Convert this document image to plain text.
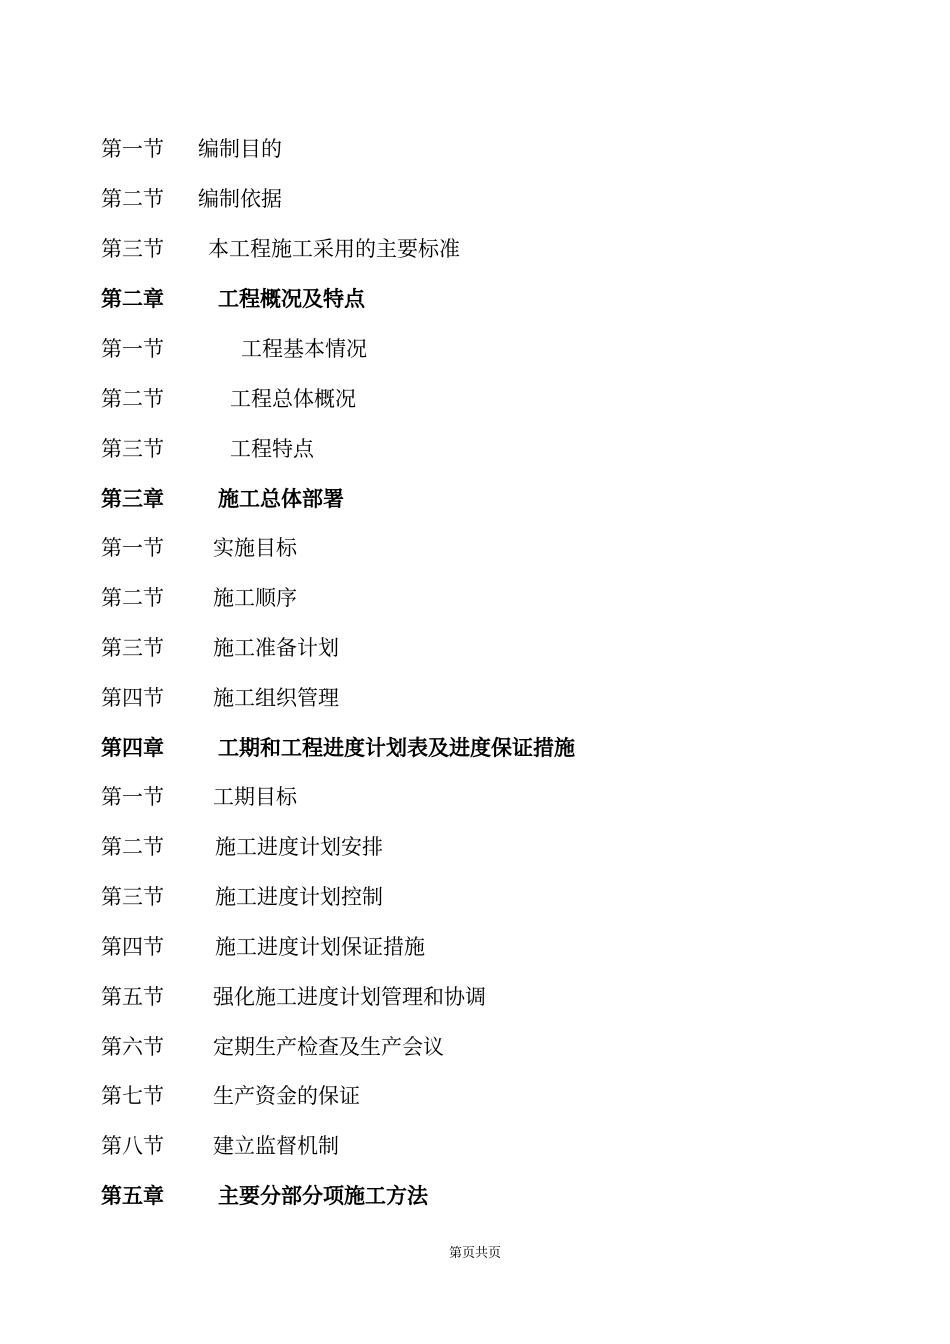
第一节 编制目的
第二节 编制依据
第三节 本工程施工采用的主要标准
第二章	工程概况及特点
第一节	工程基本情况
第二节	工程总体概况
第三节	工程特点
第三章	施工总体部署
第一节 实施目标
第二节 施工顺序
第三节 施工准备计划
第四节 施工组织管理
第四章	工期和工程进度计划表及进度保证措施
第一节 工期目标
第二节 施工进度计划安排
第三节 施工进度计划控制
第四节 施工进度计划保证措施
第五节 强化施工进度计划管理和协调
第六节 定期生产检查及生产会议
第七节 生产资金的保证
第八节 建立监督机制
第五章	主要分部分项施工方法
第页共页
